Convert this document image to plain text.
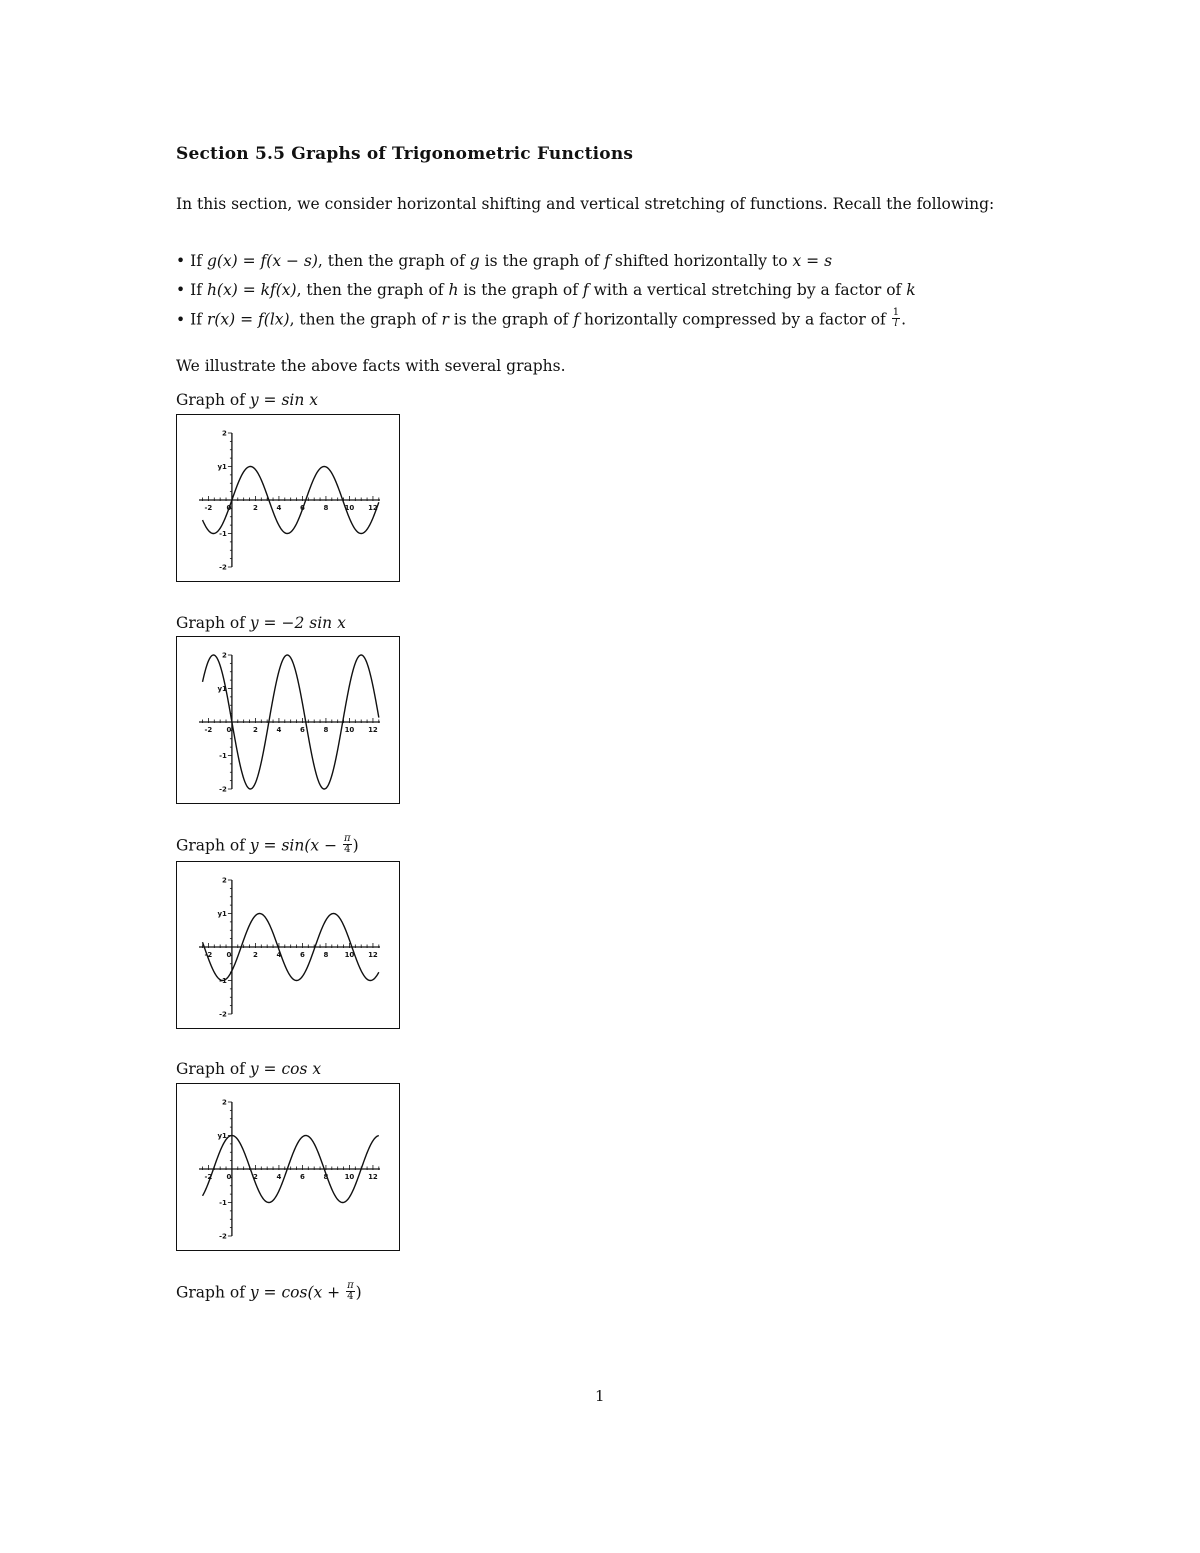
Section 5.5 Graphs of Trigonometric Functions
In this section, we consider horizontal shifting and vertical stretching of functions. Recall the following:
• If g(x) = f(x − s), then the graph of g is the graph of f shifted horizontally to x = s
• If h(x) = kf(x), then the graph of h is the graph of f with a vertical stretching by a factor of k
• If r(x) = f(lx), then the graph of r is the graph of f horizontally compressed by a factor of $\frac{1}{l}$ .
We illustrate the above facts with several graphs.
Graph of y = sin x
-2 0	2	4	6	8 10 12
2
y1
-1
-2
Graph of y = −2 sin x
-2 0	2	4	6	8 10 12
2
y1
-1
-2
Graph of $y = \sin(x - \frac{\pi}{4}$ )
-2 0	2	4	6	8 10 12
2
y1
-1
-2
Graph of y = cos x
-2 0	2	4	6	8 10 12
2
y1
-1
-2
Graph of $y = \cos(x + \frac{\pi}{4}$ )
1
